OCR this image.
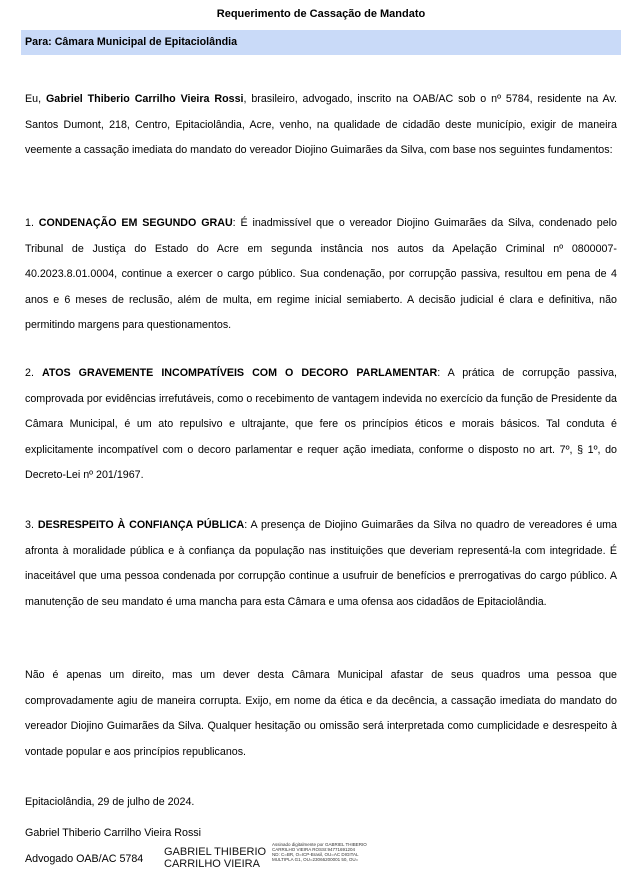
Requerimento de Cassação de Mandato
Para: Câmara Municipal de Epitaciolândia

Eu, Gabriel Thiberio Carrilho Vieira Rossi, brasileiro, advogado, inscrito na OAB/AC sob o nº 5784, residente na Av. Santos Dumont, 218, Centro, Epitaciolândia, Acre, venho, na qualidade de cidadão deste município, exigir de maneira veemente a cassação imediata do mandato do vereador Diojino Guimarães da Silva, com base nos seguintes fundamentos:

1. CONDENAÇÃO EM SEGUNDO GRAU: É inadmissível que o vereador Diojino Guimarães da Silva, condenado pelo Tribunal de Justiça do Estado do Acre em segunda instância nos autos da Apelação Criminal nº 0800007-40.2023.8.01.0004, continue a exercer o cargo público. Sua condenação, por corrupção passiva, resultou em pena de 4 anos e 6 meses de reclusão, além de multa, em regime inicial semiaberto. A decisão judicial é clara e definitiva, não permitindo margens para questionamentos.

2. ATOS GRAVEMENTE INCOMPATÍVEIS COM O DECORO PARLAMENTAR: A prática de corrupção passiva, comprovada por evidências irrefutáveis, como o recebimento de vantagem indevida no exercício da função de Presidente da Câmara Municipal, é um ato repulsivo e ultrajante, que fere os princípios éticos e morais básicos. Tal conduta é explicitamente incompatível com o decoro parlamentar e requer ação imediata, conforme o disposto no art. 7º, § 1º, do Decreto-Lei nº 201/1967.

3. DESRESPEITO À CONFIANÇA PÚBLICA: A presença de Diojino Guimarães da Silva no quadro de vereadores é uma afronta à moralidade pública e à confiança da população nas instituições que deveriam representá-la com integridade. É inaceitável que uma pessoa condenada por corrupção continue a usufruir de benefícios e prerrogativas do cargo público. A manutenção de seu mandato é uma mancha para esta Câmara e uma ofensa aos cidadãos de Epitaciolândia.

Não é apenas um direito, mas um dever desta Câmara Municipal afastar de seus quadros uma pessoa que comprovadamente agiu de maneira corrupta. Exijo, em nome da ética e da decência, a cassação imediata do mandato do vereador Diojino Guimarães da Silva. Qualquer hesitação ou omissão será interpretada como cumplicidade e desrespeito à vontade popular e aos princípios republicanos.

Epitaciolândia, 29 de julho de 2024.

Gabriel Thiberio Carrilho Vieira Rossi

Advogado OAB/AC 5784

GABRIEL THIBERIO
CARRILHO VIEIRA
Assinado digitalmente por GABRIEL THIBERIO
CARRILHO VIEIRA ROSSI:94771691204
ND: C=BR, O=ICP-Brasil, OU=AC DIGITAL
MULTIPLA G1, OU=23066200001 50, OU=
